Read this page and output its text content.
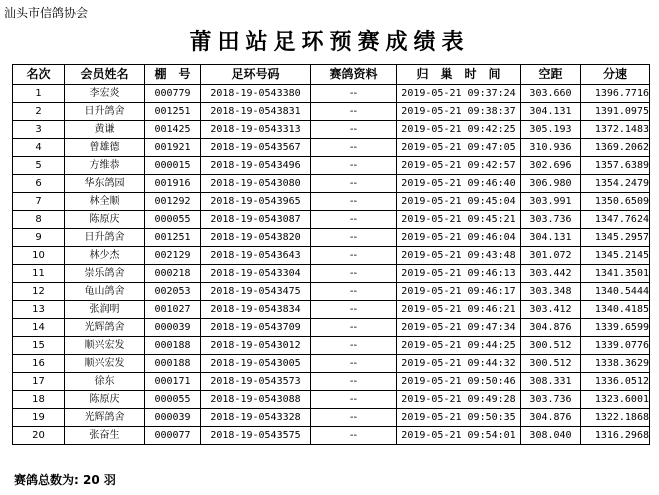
汕头市信鸽协会
莆田站足环预赛成绩表
名次	会员姓名	棚　号	足环号码	赛鸽资料	归　巢　时　间	空距	分速
1	李宏炎	000779	2018-19-0543380	--	2019-05-21 09:37:24	303.660	1396.7716
2	日升鸽舍	001251	2018-19-0543831	--	2019-05-21 09:38:37	304.131	1391.0975
3	黄谦	001425	2018-19-0543313	--	2019-05-21 09:42:25	305.193	1372.1483
4	曾雄德	001921	2018-19-0543567	--	2019-05-21 09:47:05	310.936	1369.2062
5	方维恭	000015	2018-19-0543496	--	2019-05-21 09:42:57	302.696	1357.6389
6	华东鸽园	001916	2018-19-0543080	--	2019-05-21 09:46:40	306.980	1354.2479
7	林全顺	001292	2018-19-0543965	--	2019-05-21 09:45:04	303.991	1350.6509
8	陈原庆	000055	2018-19-0543087	--	2019-05-21 09:45:21	303.736	1347.7624
9	日升鸽舍	001251	2018-19-0543820	--	2019-05-21 09:46:04	304.131	1345.2957
10	林少杰	002129	2018-19-0543643	--	2019-05-21 09:43:48	301.072	1345.2145
11	崇乐鸽舍	000218	2018-19-0543304	--	2019-05-21 09:46:13	303.442	1341.3501
12	龟山鸽舍	002053	2018-19-0543475	--	2019-05-21 09:46:17	303.348	1340.5444
13	张润明	001027	2018-19-0543834	--	2019-05-21 09:46:21	303.412	1340.4185
14	光辉鸽舍	000039	2018-19-0543709	--	2019-05-21 09:47:34	304.876	1339.6599
15	顺兴宏发	000188	2018-19-0543012	--	2019-05-21 09:44:25	300.512	1339.0776
16	顺兴宏发	000188	2018-19-0543005	--	2019-05-21 09:44:32	300.512	1338.3629
17	徐东	000171	2018-19-0543573	--	2019-05-21 09:50:46	308.331	1336.0512
18	陈原庆	000055	2018-19-0543088	--	2019-05-21 09:49:28	303.736	1323.6001
19	光辉鸽舍	000039	2018-19-0543328	--	2019-05-21 09:50:35	304.876	1322.1868
20	张奋生	000077	2018-19-0543575	--	2019-05-21 09:54:01	308.040	1316.2968
赛鸽总数为: 20 羽
